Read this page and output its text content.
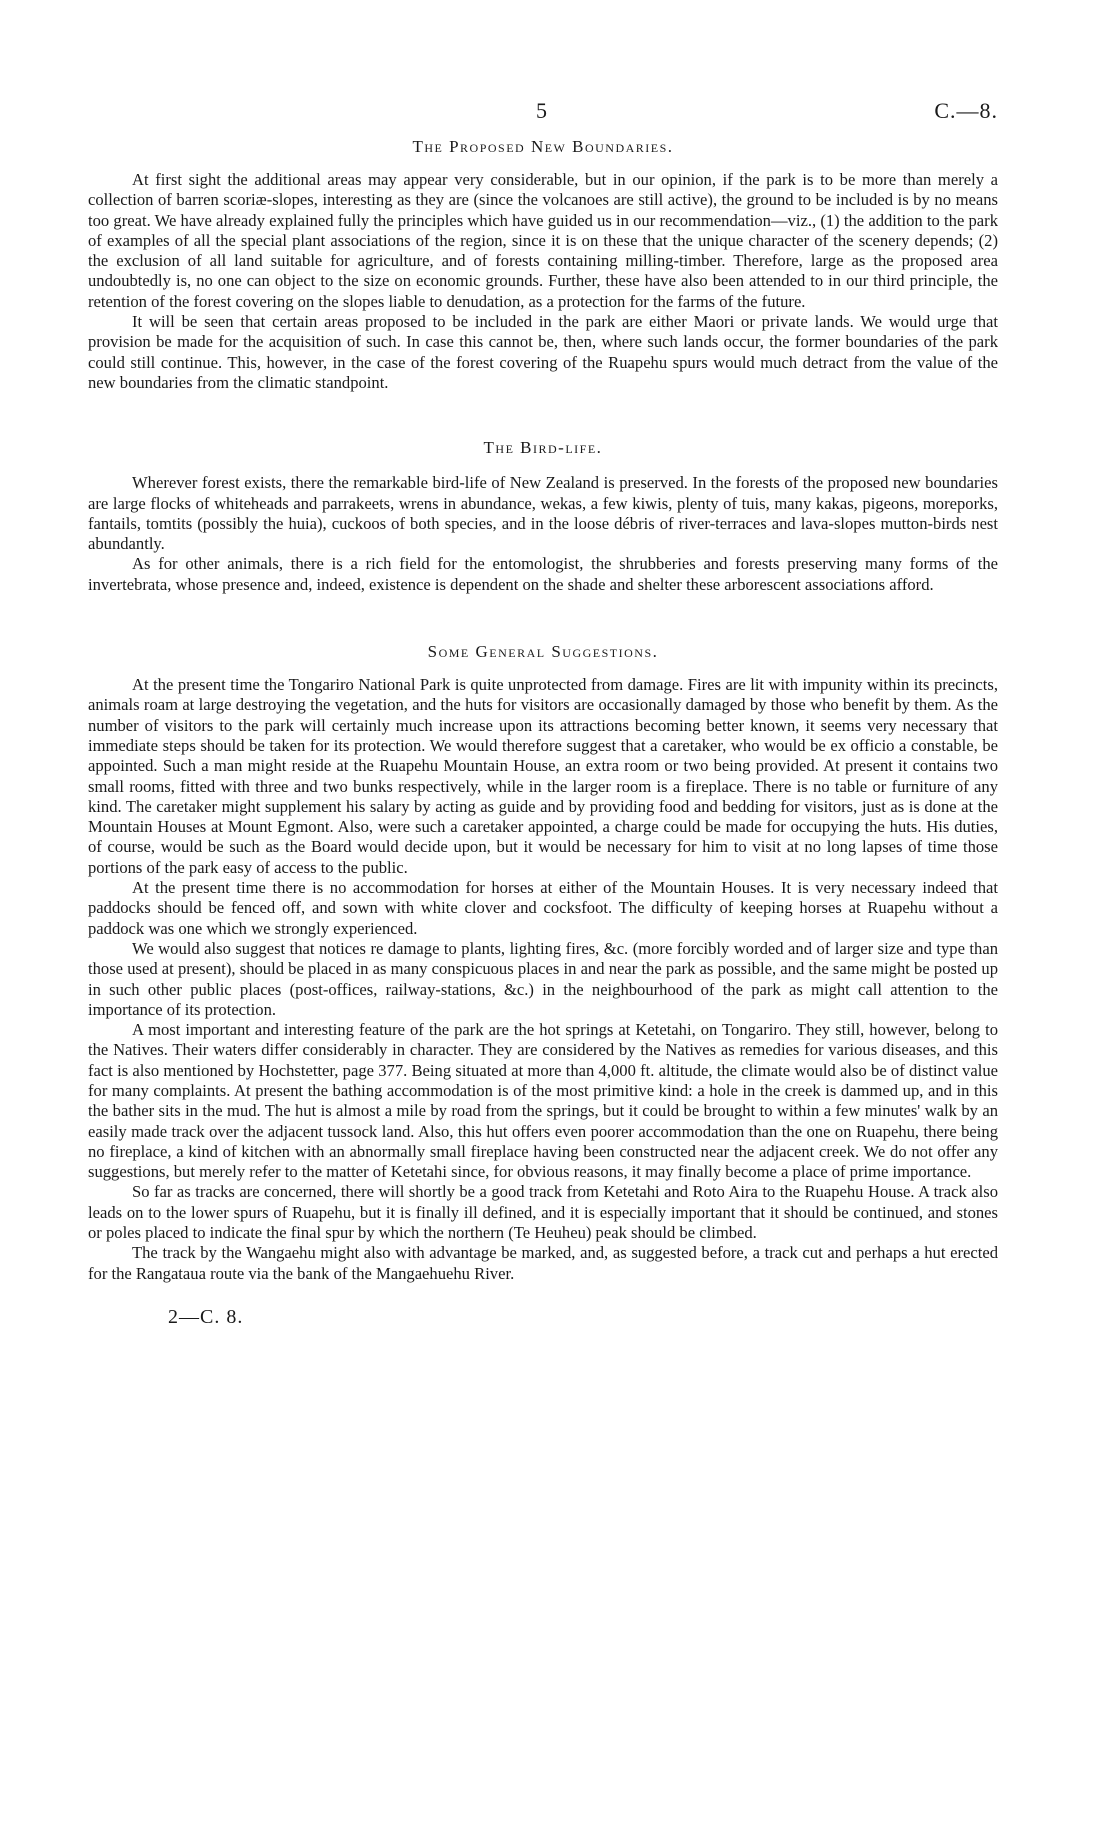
5	C.—8.
The Proposed New Boundaries.

At first sight the additional areas may appear very considerable, but in our opinion, if the park is to be more than merely a collection of barren scoriæ-slopes, interesting as they are (since the volcanoes are still active), the ground to be included is by no means too great. We have already explained fully the principles which have guided us in our recommendation—viz., (1) the addition to the park of examples of all the special plant associations of the region, since it is on these that the unique character of the scenery depends; (2) the exclusion of all land suitable for agriculture, and of forests containing milling-timber. Therefore, large as the proposed area undoubtedly is, no one can object to the size on economic grounds. Further, these have also been attended to in our third principle, the retention of the forest covering on the slopes liable to denudation, as a protection for the farms of the future.

It will be seen that certain areas proposed to be included in the park are either Maori or private lands. We would urge that provision be made for the acquisition of such. In case this cannot be, then, where such lands occur, the former boundaries of the park could still continue. This, however, in the case of the forest covering of the Ruapehu spurs would much detract from the value of the new boundaries from the climatic standpoint.

The Bird-life.

Wherever forest exists, there the remarkable bird-life of New Zealand is preserved. In the forests of the proposed new boundaries are large flocks of whiteheads and parrakeets, wrens in abundance, wekas, a few kiwis, plenty of tuis, many kakas, pigeons, moreporks, fantails, tomtits (possibly the huia), cuckoos of both species, and in the loose débris of river-terraces and lava-slopes mutton-birds nest abundantly.

As for other animals, there is a rich field for the entomologist, the shrubberies and forests preserving many forms of the invertebrata, whose presence and, indeed, existence is dependent on the shade and shelter these arborescent associations afford.

Some General Suggestions.

At the present time the Tongariro National Park is quite unprotected from damage. Fires are lit with impunity within its precincts, animals roam at large destroying the vegetation, and the huts for visitors are occasionally damaged by those who benefit by them. As the number of visitors to the park will certainly much increase upon its attractions becoming better known, it seems very necessary that immediate steps should be taken for its protection. We would therefore suggest that a caretaker, who would be ex officio a constable, be appointed. Such a man might reside at the Ruapehu Mountain House, an extra room or two being provided. At present it contains two small rooms, fitted with three and two bunks respectively, while in the larger room is a fireplace. There is no table or furniture of any kind. The caretaker might supplement his salary by acting as guide and by providing food and bedding for visitors, just as is done at the Mountain Houses at Mount Egmont. Also, were such a caretaker appointed, a charge could be made for occupying the huts. His duties, of course, would be such as the Board would decide upon, but it would be necessary for him to visit at no long lapses of time those portions of the park easy of access to the public.

At the present time there is no accommodation for horses at either of the Mountain Houses. It is very necessary indeed that paddocks should be fenced off, and sown with white clover and cocksfoot. The difficulty of keeping horses at Ruapehu without a paddock was one which we strongly experienced.

We would also suggest that notices re damage to plants, lighting fires, &c. (more forcibly worded and of larger size and type than those used at present), should be placed in as many conspicuous places in and near the park as possible, and the same might be posted up in such other public places (post-offices, railway-stations, &c.) in the neighbourhood of the park as might call attention to the importance of its protection.

A most important and interesting feature of the park are the hot springs at Ketetahi, on Tongariro. They still, however, belong to the Natives. Their waters differ considerably in character. They are considered by the Natives as remedies for various diseases, and this fact is also mentioned by Hochstetter, page 377. Being situated at more than 4,000 ft. altitude, the climate would also be of distinct value for many complaints. At present the bathing accommodation is of the most primitive kind: a hole in the creek is dammed up, and in this the bather sits in the mud. The hut is almost a mile by road from the springs, but it could be brought to within a few minutes' walk by an easily made track over the adjacent tussock land. Also, this hut offers even poorer accommodation than the one on Ruapehu, there being no fireplace, a kind of kitchen with an abnormally small fireplace having been constructed near the adjacent creek. We do not offer any suggestions, but merely refer to the matter of Ketetahi since, for obvious reasons, it may finally become a place of prime importance.

So far as tracks are concerned, there will shortly be a good track from Ketetahi and Roto Aira to the Ruapehu House. A track also leads on to the lower spurs of Ruapehu, but it is finally ill defined, and it is especially important that it should be continued, and stones or poles placed to indicate the final spur by which the northern (Te Heuheu) peak should be climbed.

The track by the Wangaehu might also with advantage be marked, and, as suggested before, a track cut and perhaps a hut erected for the Rangataua route via the bank of the Mangaehuehu River.

2—C. 8.
